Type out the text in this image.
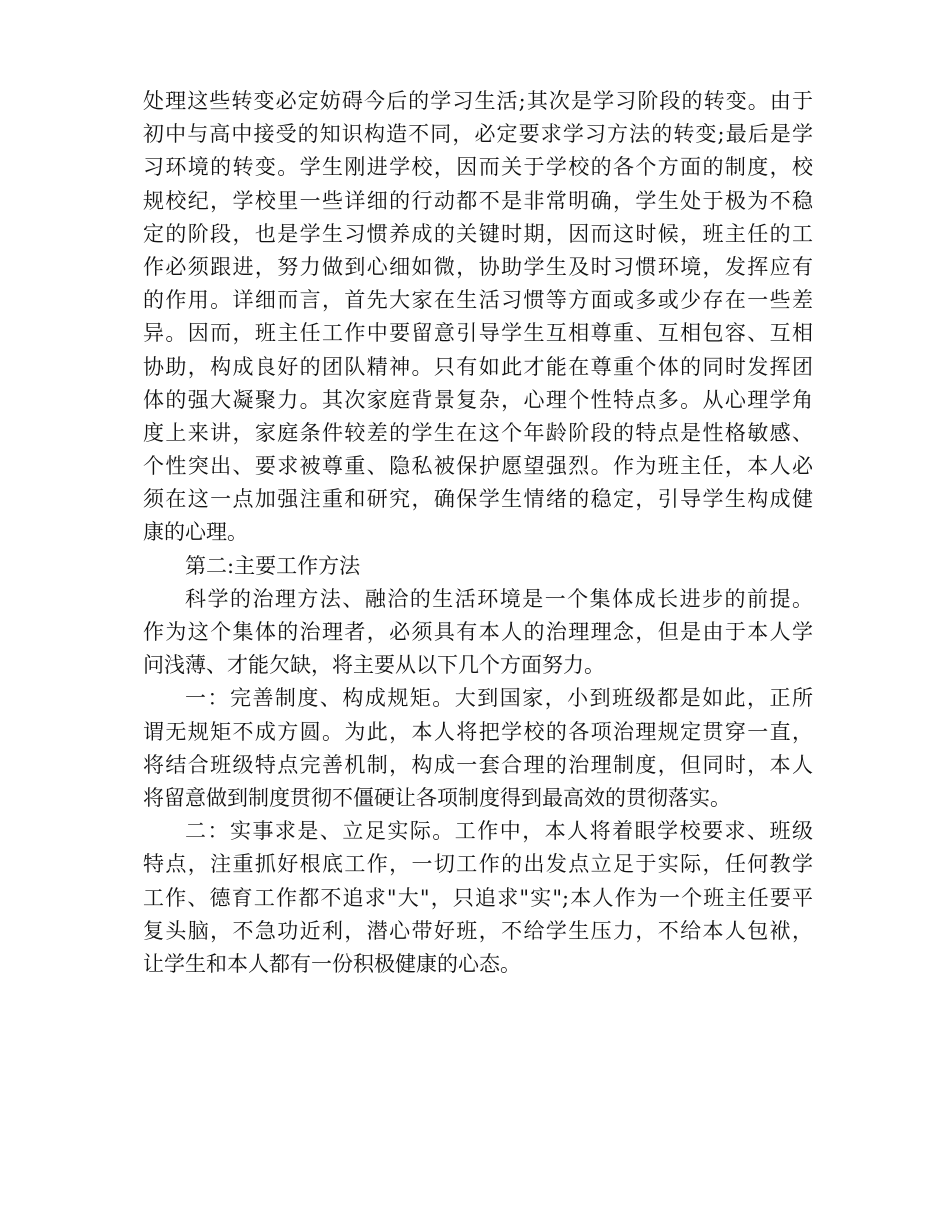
处理这些转变必定妨碍今后的学习生活;其次是学习阶段的转变。由于
初中与高中接受的知识构造不同，必定要求学习方法的转变;最后是学
习环境的转变。学生刚进学校，因而关于学校的各个方面的制度，校
规校纪，学校里一些详细的行动都不是非常明确，学生处于极为不稳
定的阶段，也是学生习惯养成的关键时期，因而这时候，班主任的工
作必须跟进，努力做到心细如微，协助学生及时习惯环境，发挥应有
的作用。详细而言，首先大家在生活习惯等方面或多或少存在一些差
异。因而，班主任工作中要留意引导学生互相尊重、互相包容、互相
协助，构成良好的团队精神。只有如此才能在尊重个体的同时发挥团
体的强大凝聚力。其次家庭背景复杂，心理个性特点多。从心理学角
度上来讲，家庭条件较差的学生在这个年龄阶段的特点是性格敏感、
个性突出、要求被尊重、隐私被保护愿望强烈。作为班主任，本人必
须在这一点加强注重和研究，确保学生情绪的稳定，引导学生构成健
康的心理。
第二:主要工作方法
科学的治理方法、融洽的生活环境是一个集体成长进步的前提。
作为这个集体的治理者，必须具有本人的治理理念，但是由于本人学
问浅薄、才能欠缺，将主要从以下几个方面努力。
一：完善制度、构成规矩。大到国家，小到班级都是如此，正所
谓无规矩不成方圆。为此，本人将把学校的各项治理规定贯穿一直，
将结合班级特点完善机制，构成一套合理的治理制度，但同时，本人
将留意做到制度贯彻不僵硬让各项制度得到最高效的贯彻落实。
二：实事求是、立足实际。工作中，本人将着眼学校要求、班级
特点，注重抓好根底工作，一切工作的出发点立足于实际，任何教学
工作、德育工作都不追求"大"，只追求"实";本人作为一个班主任要平
复头脑，不急功近利，潜心带好班，不给学生压力，不给本人包袱，
让学生和本人都有一份积极健康的心态。
